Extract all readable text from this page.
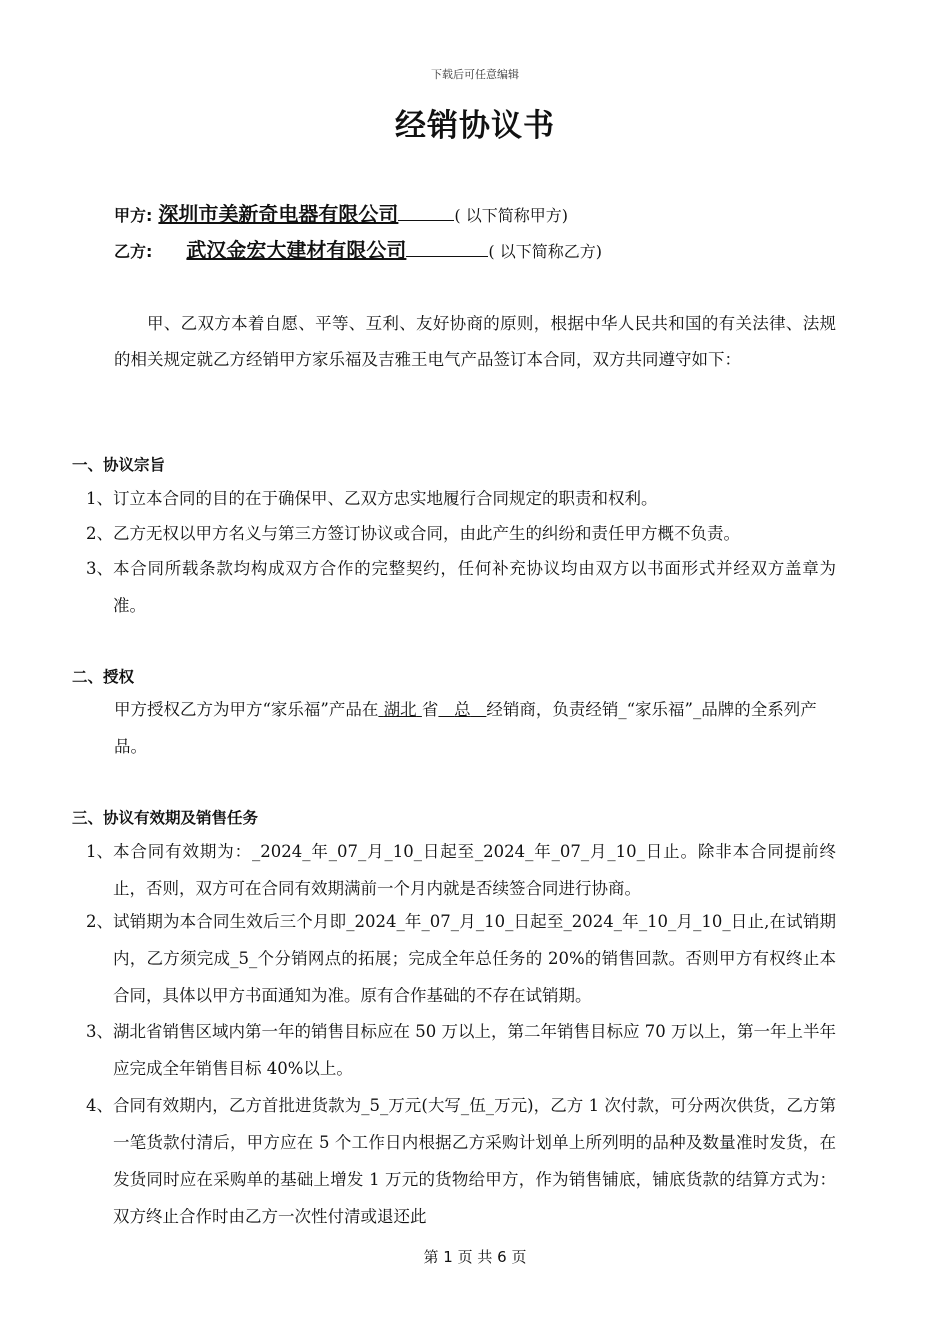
下载后可任意编辑
经销协议书
甲方: 深圳市美新奇电器有限公司	( 以下简称甲方)
乙方: 武汉金宏大建材有限公司	( 以下简称乙方)

甲、乙双方本着自愿、平等、互利、友好协商的原则，根据中华人民共和国的有关法律、法规的相关规定就乙方经销甲方家乐福及吉雅王电气产品签订本合同，双方共同遵守如下：

一、协议宗旨
1、 订立本合同的目的在于确保甲、乙双方忠实地履行合同规定的职责和权利。
2、 乙方无权以甲方名义与第三方签订协议或合同，由此产生的纠纷和责任甲方概不负责。
3、 本合同所载条款均构成双方合作的完整契约，任何补充协议均由双方以书面形式并经双方盖章为准。
二、授权

甲方授权乙方为甲方“家乐福”产品在 湖北 省 总 经销商，负责经销_“家乐福”_品牌的全系列产品。

三、协议有效期及销售任务
1、 本合同有效期为：_2024_年_07_月_10_日起至_2024_年_07_月_10_日止。除非本合同提前终止，否则，双方可在合同有效期满前一个月内就是否续签合同进行协商。
2、 试销期为本合同生效后三个月即_2024_年_07_月_10_日起至_2024_年_10_月_10_日止,在试销期内，乙方须完成_5_个分销网点的拓展；完成全年总任务的 20%的销售回款。否则甲方有权终止本合同，具体以甲方书面通知为准。原有合作基础的不存在试销期。
3、 湖北省销售区域内第一年的销售目标应在 50 万以上，第二年销售目标应 70 万以上，第一年上半年应完成全年销售目标 40%以上。
4、 合同有效期内，乙方首批进货款为_5_万元(大写_伍_万元)，乙方 1 次付款，可分两次供货，乙方第一笔货款付清后，甲方应在 5 个工作日内根据乙方采购计划单上所列明的品种及数量准时发货，在发货同时应在采购单的基础上增发 1 万元的货物给甲方，作为销售铺底，铺底货款的结算方式为：双方终止合作时由乙方一次性付清或退还此
第 1 页 共 6 页
